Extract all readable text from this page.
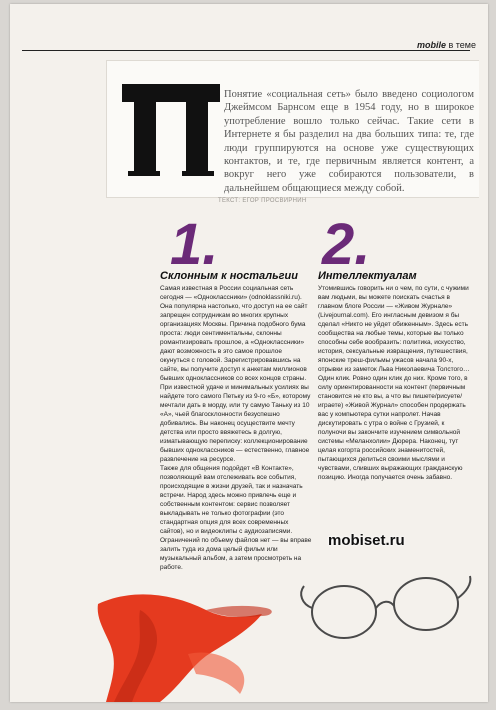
mobile в теме
Понятие «социальная сеть» было введено социологом Джеймсом Барнсом еще в 1954 году, но в широкое употребление вошло только сейчас. Такие сети в Интернете я бы разделил на два больших типа: те, где люди группируются на основе уже существующих контактов, и те, где первичным является контент, а вокруг него уже собираются пользователи, в дальнейшем общающиеся между собой.
ТЕКСТ: ЕГОР ПРОСВИРНИН
1.
Склонным к ностальгии

Самая известная в России социальная сеть сегодня — «Одноклассники» (odnoklassniki.ru). Она популярна настолько, что доступ на ее сайт запрещен сотрудникам во многих крупных организациях Москвы. Причина подобного бума проста: люди сентиментальны, склонны романтизировать прошлое, а «Одноклассники» дают возможность в это самое прошлое окунуться с головой. Зарегистрировавшись на сайте, вы получите доступ к анкетам миллионов бывших одноклассников со всех концов страны. При известной удаче и минимальных усилиях вы найдете того самого Петьку из 9-го «Б», которому мечтали дать в морду, или ту самую Таньку из 10 «А», чьей благосклонности безуспешно добивались. Вы наконец осуществите мечту детства или просто ввяжетесь в долгую, изматывающую переписку: коллекционирование бывших одноклассников — естественно, главное развлечение на ресурсе.

Также для общения подойдет «В Контакте», позволяющий вам отслеживать все события, происходящие в жизни друзей, так и назначать встречи. Народ здесь можно привлечь еще и собственным контентом: сервис позволяет выкладывать не только фотографии (это стандартная опция для всех современных сайтов), но и видеоклипы с аудиозаписями. Ограничений по объему файлов нет — вы вправе залить туда из дома целый фильм или музыкальный альбом, а затем просмотреть на работе.

2.
Интеллектуалам

Утомившись говорить ни о чем, по сути, с чужими вам людьми, вы можете поискать счастья в главном блоге России — «Живом Журнале» (Livejournal.com). Его ингласным девизом я бы сделал «Никто не уйдет обиженным». Здесь есть сообщества на любые темы, которые вы только способны себе вообразить: политика, искусство, история, сексуальные извращения, путешествия, японские треш-фильмы ужасов начала 90-х, отрывки из заметок Льва Николаевича Толстого… Один клик. Ровно один клик до них. Кроме того, в силу ориентированности на контент (первичным становится не кто вы, а что вы пишете/рисуете/играете) «Живой Журнал» способен продержать вас у компьютера сутки напролет. Начав дискутировать с утра о войне с Грузией, к полуночи вы закончите изучением символьной системы «Меланхолии» Дюрера. Наконец, тут целая когорта российских знаменитостей, пытающихся делиться своими мыслями и чувствами, сливших выражающих гражданскую позицию. Иногда получается очень забавно.

mobiset.ru
